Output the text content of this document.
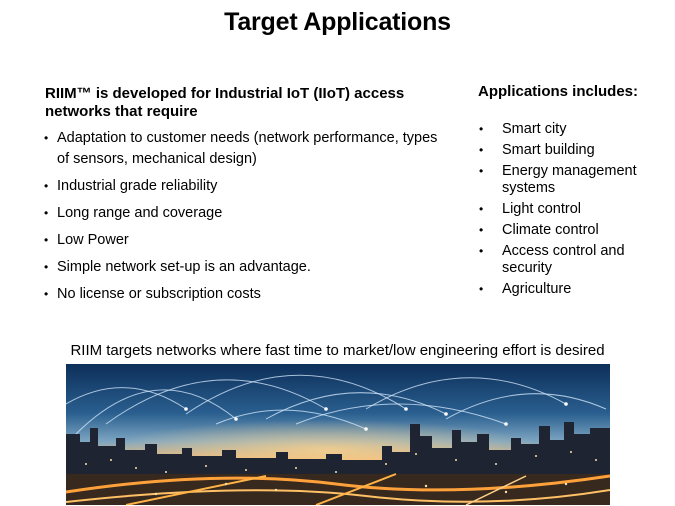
Target Applications
RIIM™ is developed for Industrial IoT (IIoT) access networks that require
• Adaptation to customer needs (network performance, types of sensors, mechanical design)
• Industrial grade reliability
• Long range and coverage
• Low Power
• Simple network set-up is an advantage.
• No license or subscription costs
Applications includes:
• Smart city
• Smart building
• Energy management systems
• Light control
• Climate control
• Access control and security
• Agriculture
RIIM targets networks where fast time to market/low engineering effort is desired
